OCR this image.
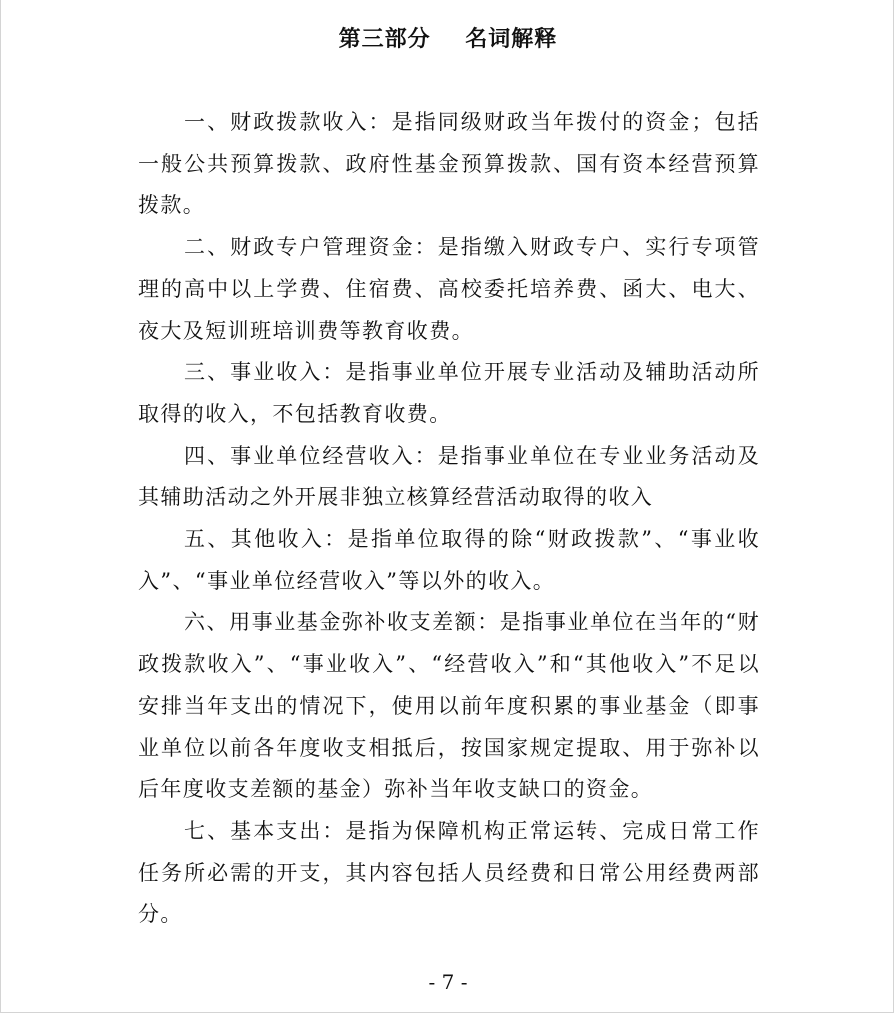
第三部分    名词解释

一、财政拨款收入：是指同级财政当年拨付的资金；包括一般公共预算拨款、政府性基金预算拨款、国有资本经营预算拨款。

二、财政专户管理资金：是指缴入财政专户、实行专项管理的高中以上学费、住宿费、高校委托培养费、函大、电大、夜大及短训班培训费等教育收费。

三、事业收入：是指事业单位开展专业活动及辅助活动所取得的收入，不包括教育收费。

四、事业单位经营收入：是指事业单位在专业业务活动及其辅助活动之外开展非独立核算经营活动取得的收入

五、其他收入：是指单位取得的除“财政拨款”、“事业收入”、“事业单位经营收入”等以外的收入。

六、用事业基金弥补收支差额：是指事业单位在当年的“财政拨款收入”、“事业收入”、“经营收入”和“其他收入”不足以安排当年支出的情况下，使用以前年度积累的事业基金（即事业单位以前各年度收支相抵后，按国家规定提取、用于弥补以后年度收支差额的基金）弥补当年收支缺口的资金。

七、基本支出：是指为保障机构正常运转、完成日常工作任务所必需的开支，其内容包括人员经费和日常公用经费两部分。

- 7 -
